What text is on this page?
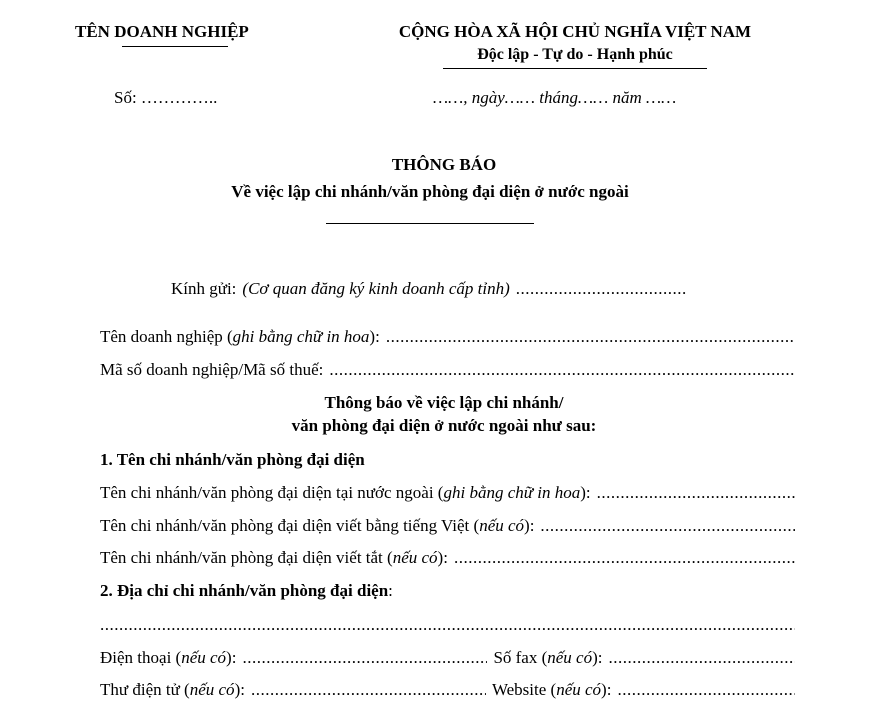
TÊN DOANH NGHIỆP	CỘNG HÒA XÃ HỘI CHỦ NGHĨA VIỆT NAM
Độc lập - Tự do - Hạnh phúc
Số: …………..	……, ngày…… tháng…… năm ……
THÔNG BÁO
Về việc lập chi nhánh/văn phòng đại diện ở nước ngoài
Kính gửi: (Cơ quan đăng ký kinh doanh cấp tỉnh)
.....
Tên doanh nghiệp ( ghi bằng chữ in hoa ):
.....
Mã số doanh nghiệp/Mã số thuế:
.....
Thông báo về việc lập chi nhánh/
văn phòng đại diện ở nước ngoài như sau:
1. Tên chi nhánh/văn phòng đại diện
Tên chi nhánh/văn phòng đại diện tại nước ngoài ( ghi bằng chữ in hoa ):
.....
Tên chi nhánh/văn phòng đại diện viết bằng tiếng Việt ( nếu có ):
.....
Tên chi nhánh/văn phòng đại diện viết tắt ( nếu có ):
.....
2. Địa chỉ chi nhánh/văn phòng đại diện:
.....
Điện thoại ( nếu có ): .....	Số fax ( nếu có ):
.....
Thư điện tử ( nếu có ): .....	Website ( nếu có ):
.....
